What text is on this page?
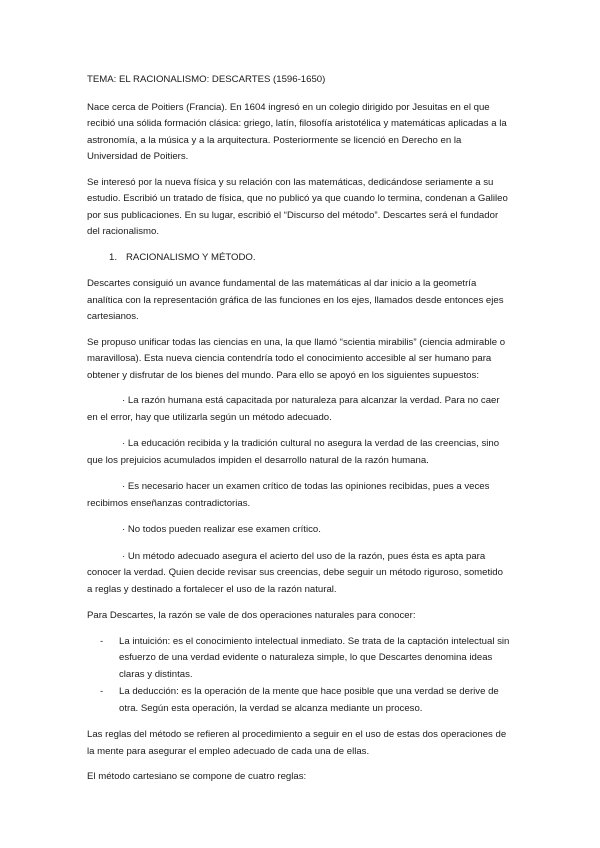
TEMA: EL RACIONALISMO: DESCARTES (1596-1650)

Nace cerca de Poitiers (Francia). En 1604 ingresó en un colegio dirigido por Jesuitas en el que recibió una sólida formación clásica: griego, latín, filosofía aristotélica y matemáticas aplicadas a la astronomía, a la música y a la arquitectura. Posteriormente se licenció en Derecho en la Universidad de Poitiers.

Se interesó por la nueva física y su relación con las matemáticas, dedicándose seriamente a su estudio. Escribió un tratado de física, que no publicó ya que cuando lo termina, condenan a Galileo por sus publicaciones. En su lugar, escribió el “Discurso del método”. Descartes será el fundador del racionalismo.

1. RACIONALISMO Y MÉTODO.

Descartes consiguió un avance fundamental de las matemáticas al dar inicio a la geometría analítica con la representación gráfica de las funciones en los ejes, llamados desde entonces ejes cartesianos.

Se propuso unificar todas las ciencias en una, la que llamó “scientia mirabilis” (ciencia admirable o maravillosa). Esta nueva ciencia contendría todo el conocimiento accesible al ser humano para obtener y disfrutar de los bienes del mundo. Para ello se apoyó en los siguientes supuestos:

· La razón humana está capacitada por naturaleza para alcanzar la verdad. Para no caer en el error, hay que utilizarla según un método adecuado.

· La educación recibida y la tradición cultural no asegura la verdad de las creencias, sino que los prejuicios acumulados impiden el desarrollo natural de la razón humana.

· Es necesario hacer un examen crítico de todas las opiniones recibidas, pues a veces recibimos enseñanzas contradictorias.

· No todos pueden realizar ese examen crítico.

· Un método adecuado asegura el acierto del uso de la razón, pues ésta es apta para conocer la verdad. Quien decide revisar sus creencias, debe seguir un método riguroso, sometido a reglas y destinado a fortalecer el uso de la razón natural.

Para Descartes, la razón se vale de dos operaciones naturales para conocer:

- La intuición: es el conocimiento intelectual inmediato. Se trata de la captación intelectual sin esfuerzo de una verdad evidente o naturaleza simple, lo que Descartes denomina ideas claras y distintas.
- La deducción: es la operación de la mente que hace posible que una verdad se derive de otra. Según esta operación, la verdad se alcanza mediante un proceso.

Las reglas del método se refieren al procedimiento a seguir en el uso de estas dos operaciones de la mente para asegurar el empleo adecuado de cada una de ellas.

El método cartesiano se compone de cuatro reglas:
